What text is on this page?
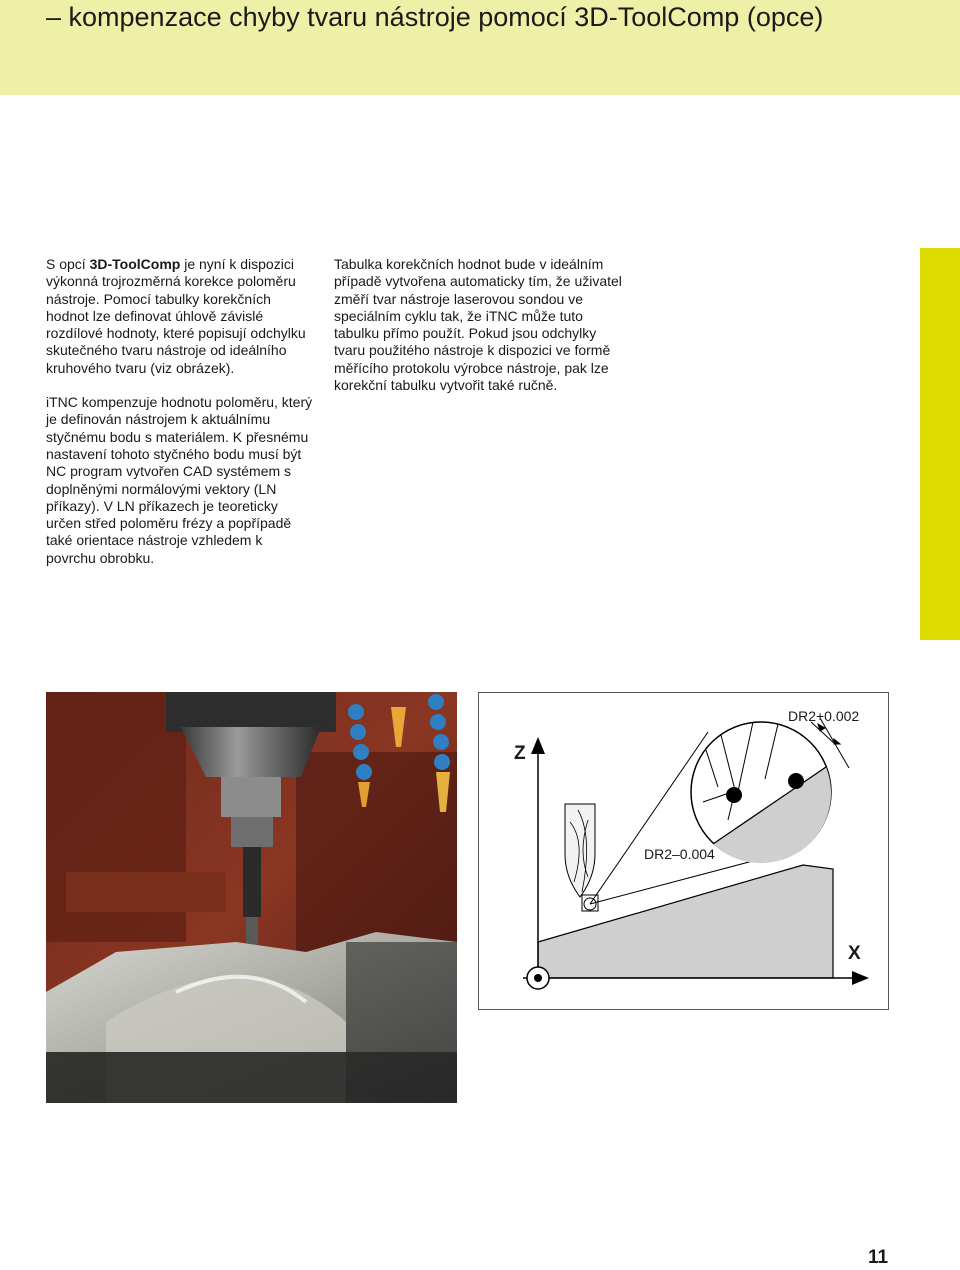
– kompenzace chyby tvaru nástroje pomocí 3D-ToolComp (opce)

S opcí 3D-ToolComp je nyní k dispozici výkonná trojrozměrná korekce poloměru nástroje. Pomocí tabulky korekčních hodnot lze definovat úhlově závislé rozdílové hodnoty, které popisují odchylku skutečného tvaru nástroje od ideálního kruhového tvaru (viz obrázek).

iTNC kompenzuje hodnotu poloměru, který je definován nástrojem k aktuálnímu styčnému bodu s materiálem. K přesnému nastavení tohoto styčného bodu musí být NC program vytvořen CAD systémem s doplněnými normálovými vektory (LN příkazy). V LN příkazech je teoreticky určen střed poloměru frézy a popřípadě také orientace nástroje vzhledem k povrchu obrobku.

Tabulka korekčních hodnot bude v ideálním případě vytvořena automaticky tím, že uživatel změří tvar nástroje laserovou sondou ve speciálním cyklu tak, že iTNC může tuto tabulku přímo použít. Pokud jsou odchylky tvaru použitého nástroje k dispozici ve formě měřícího protokolu výrobce nástroje, pak lze korekční tabulku vytvořit také ručně.

DR2+0.002
DR2–0.004
Z
X
11
